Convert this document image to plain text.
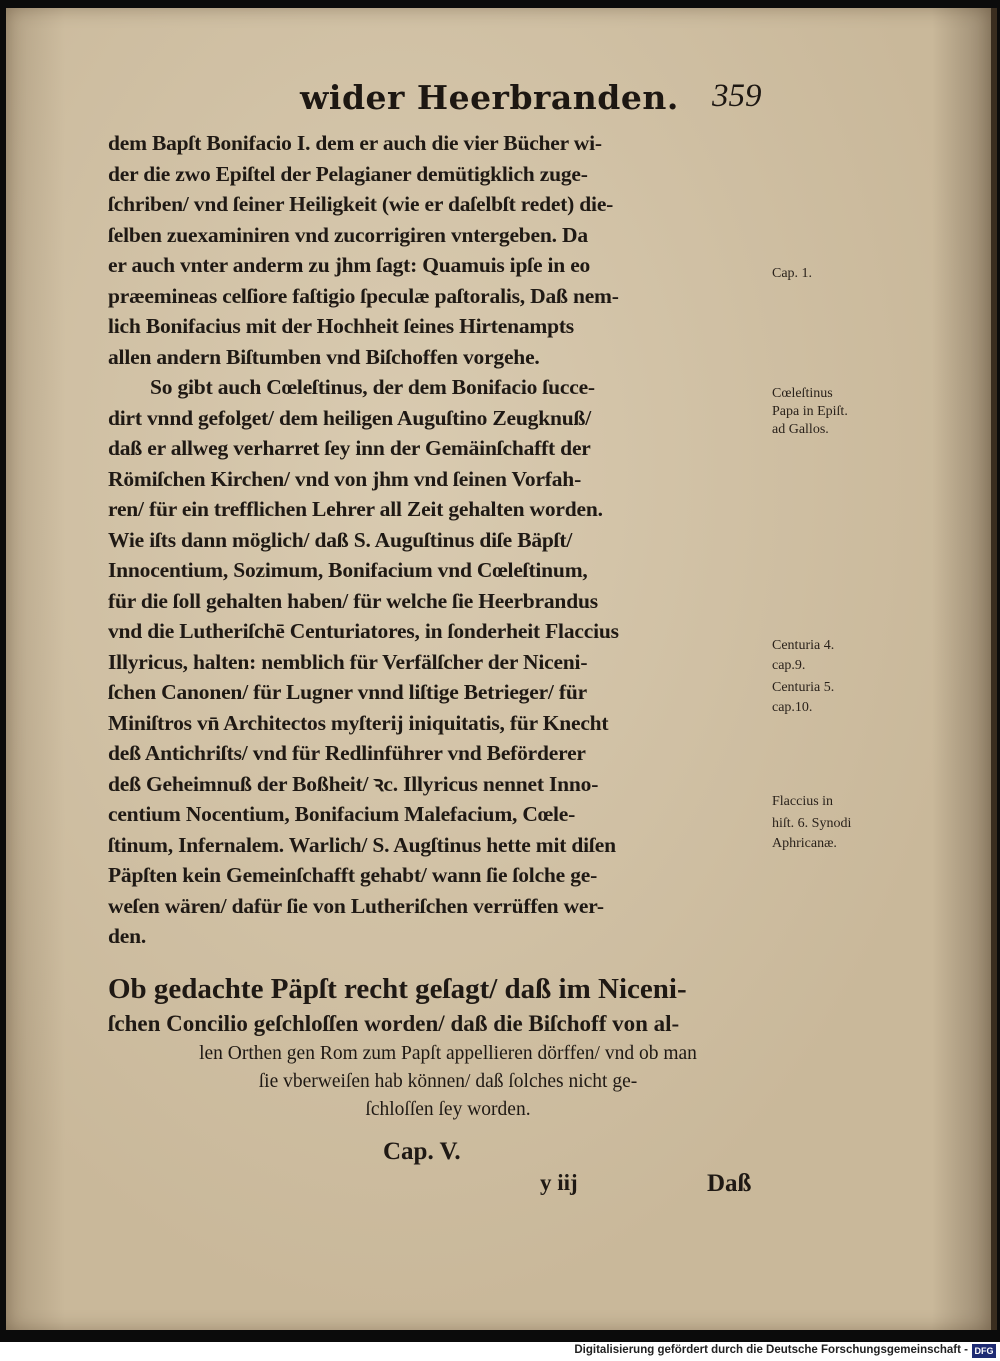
wider Heerbranden. 359
dem Bapſt Bonifacio I. dem er auch die vier Bücher wi-
der die zwo Epiſtel der Pelagianer demütigklich zuge-
ſchriben/ vnd ſeiner Heiligkeit (wie er daſelbſt redet) die-
ſelben zuexaminiren vnd zucorrigiren vntergeben. Da
er auch vnter anderm zu jhm ſagt: Quamuis ipſe in eo
præemineas celſiore faſtigio ſpeculæ paſtoralis, Daß nem-
lich Bonifacius mit der Hochheit ſeines Hirtenampts
allen andern Biſtumben vnd Biſchoffen vorgehe.
So gibt auch Cœleſtinus, der dem Bonifacio ſucce-
dirt vnnd gefolget/ dem heiligen Auguſtino Zeugknuß/
daß er allweg verharret ſey inn der Gemäinſchafft der
Römiſchen Kirchen/ vnd von jhm vnd ſeinen Vorfah-
ren/ für ein trefflichen Lehrer all Zeit gehalten worden.
Wie iſts dann möglich/ daß S. Auguſtinus diſe Bäpſt/
Innocentium, Sozimum, Bonifacium vnd Cœleſtinum,
für die ſoll gehalten haben/ für welche ſie Heerbrandus
vnd die Lutheriſchē Centuriatores, in ſonderheit Flaccius
Illyricus, halten: nemblich für Verfälſcher der Niceni-
ſchen Canonen/ für Lugner vnnd liſtige Betrieger/ für
Miniſtros vn̄ Architectos myſterij iniquitatis, für Knecht
deß Antichriſts/ vnd für Redlinführer vnd Beförderer
deß Geheimnuß der Boßheit/ ꝛc. Illyricus nennet Inno-
centium Nocentium, Bonifacium Malefacium, Cœle-
ſtinum, Infernalem. Warlich/ S. Augſtinus hette mit diſen
Päpſten kein Gemeinſchafft gehabt/ wann ſie ſolche ge-
weſen wären/ dafür ſie von Lutheriſchen verrüffen wer-
den.
Ob gedachte Päpſt recht geſagt/ daß im Niceni-
ſchen Concilio geſchloſſen worden/ daß die Biſchoff von al-
len Orthen gen Rom zum Papſt appellieren dörffen/ vnd ob man
ſie vberweiſen hab können/ daß ſolches nicht ge-
ſchloſſen ſey worden.
Cap. V.
y iij	Daß
Cap. 1.
Cœleſtinus
Papa in Epiſt.
ad Gallos.
Centuria 4.
cap.9.
Centuria 5.
cap.10.
Flaccius in
hiſt. 6. Synodi
Aphricanæ.
Digitalisierung gefördert durch die Deutsche Forschungsgemeinschaft - DFG
